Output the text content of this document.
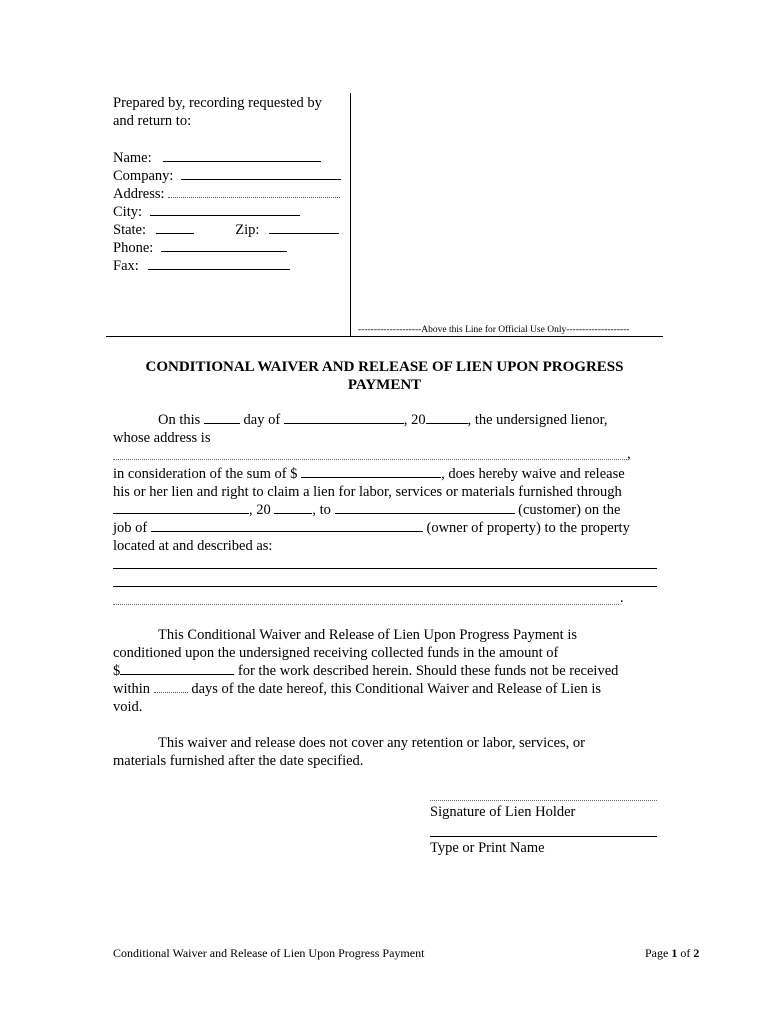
Prepared by, recording requested by
and return to:
Name:
Company:
Address:
City:
State:	Zip:
Phone:
Fax:
--------------------Above this Line for Official Use Only--------------------
CONDITIONAL WAIVER AND RELEASE OF LIEN UPON PROGRESS
PAYMENT
On this	day of	, 20	, the undersigned lienor,
whose address is
,
in consideration of the sum of $	, does hereby waive and release
his or her lien and right to claim a lien for labor, services or materials furnished through
, 20	, to	(customer) on the
job of	(owner of property) to the property
located at and described as:
.
This Conditional Waiver and Release of Lien Upon Progress Payment is
conditioned upon the undersigned receiving collected funds in the amount of
$	for the work described herein. Should these funds not be received
within	days of the date hereof, this Conditional Waiver and Release of Lien is
void.
This waiver and release does not cover any retention or labor, services, or
materials furnished after the date specified.
Signature of Lien Holder
Type or Print Name
Conditional Waiver and Release of Lien Upon Progress Payment	Page 1 of 2
